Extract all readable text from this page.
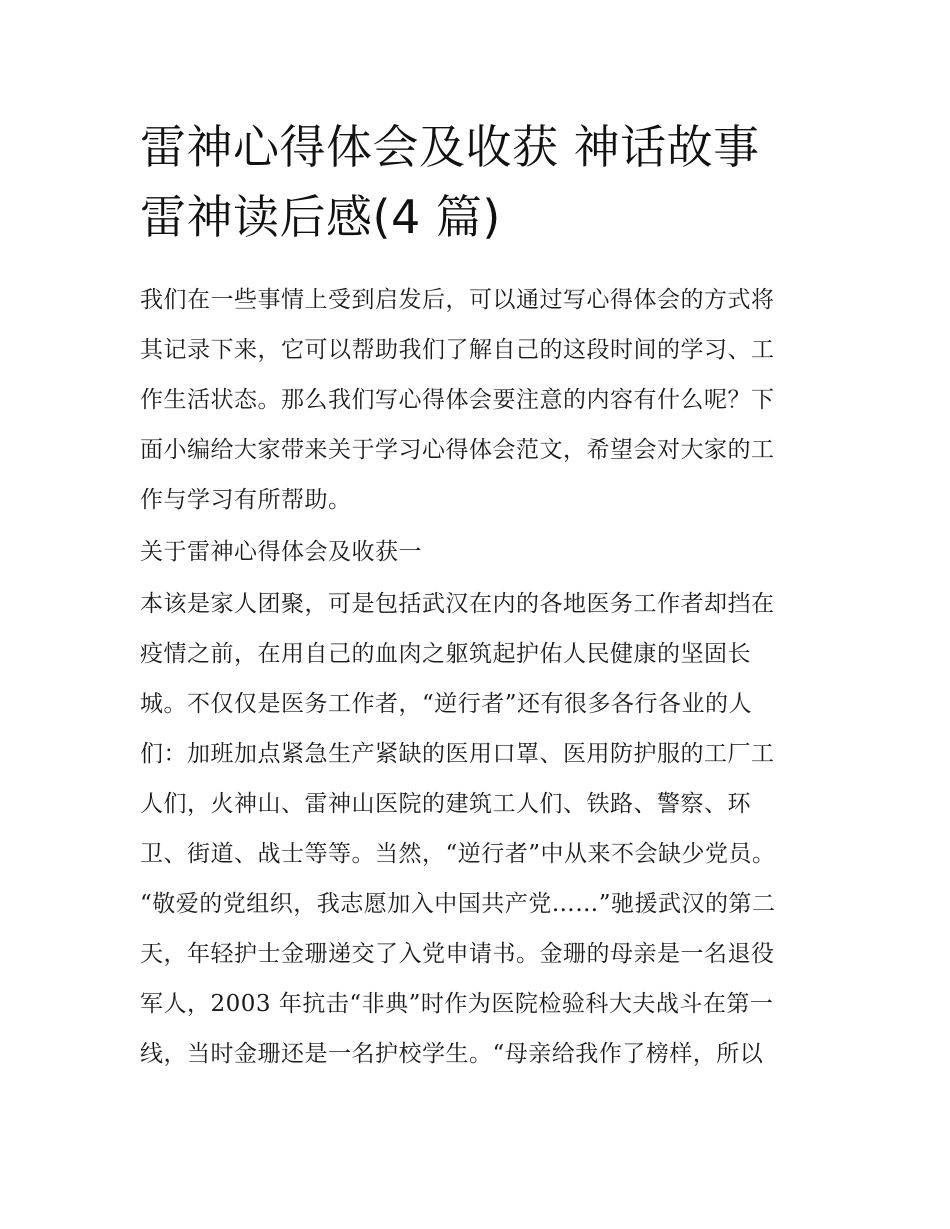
雷神心得体会及收获 神话故事
雷神读后感(4 篇)

我们在一些事情上受到启发后，可以通过写心得体会的方式将

其记录下来，它可以帮助我们了解自己的这段时间的学习、工

作生活状态。那么我们写心得体会要注意的内容有什么呢？下

面小编给大家带来关于学习心得体会范文，希望会对大家的工

作与学习有所帮助。

关于雷神心得体会及收获一

本该是家人团聚，可是包括武汉在内的各地医务工作者却挡在

疫情之前，在用自己的血肉之躯筑起护佑人民健康的坚固长

城。不仅仅是医务工作者，“逆行者”还有很多各行各业的人

们：加班加点紧急生产紧缺的医用口罩、医用防护服的工厂工

人们，火神山、雷神山医院的建筑工人们、铁路、警察、环

卫、街道、战士等等。当然，“逆行者”中从来不会缺少党员。

“敬爱的党组织，我志愿加入中国共产党……”驰援武汉的第二

天，年轻护士金珊递交了入党申请书。金珊的母亲是一名退役

军人，2003 年抗击“非典”时作为医院检验科大夫战斗在第一

线，当时金珊还是一名护校学生。“母亲给我作了榜样，所以
